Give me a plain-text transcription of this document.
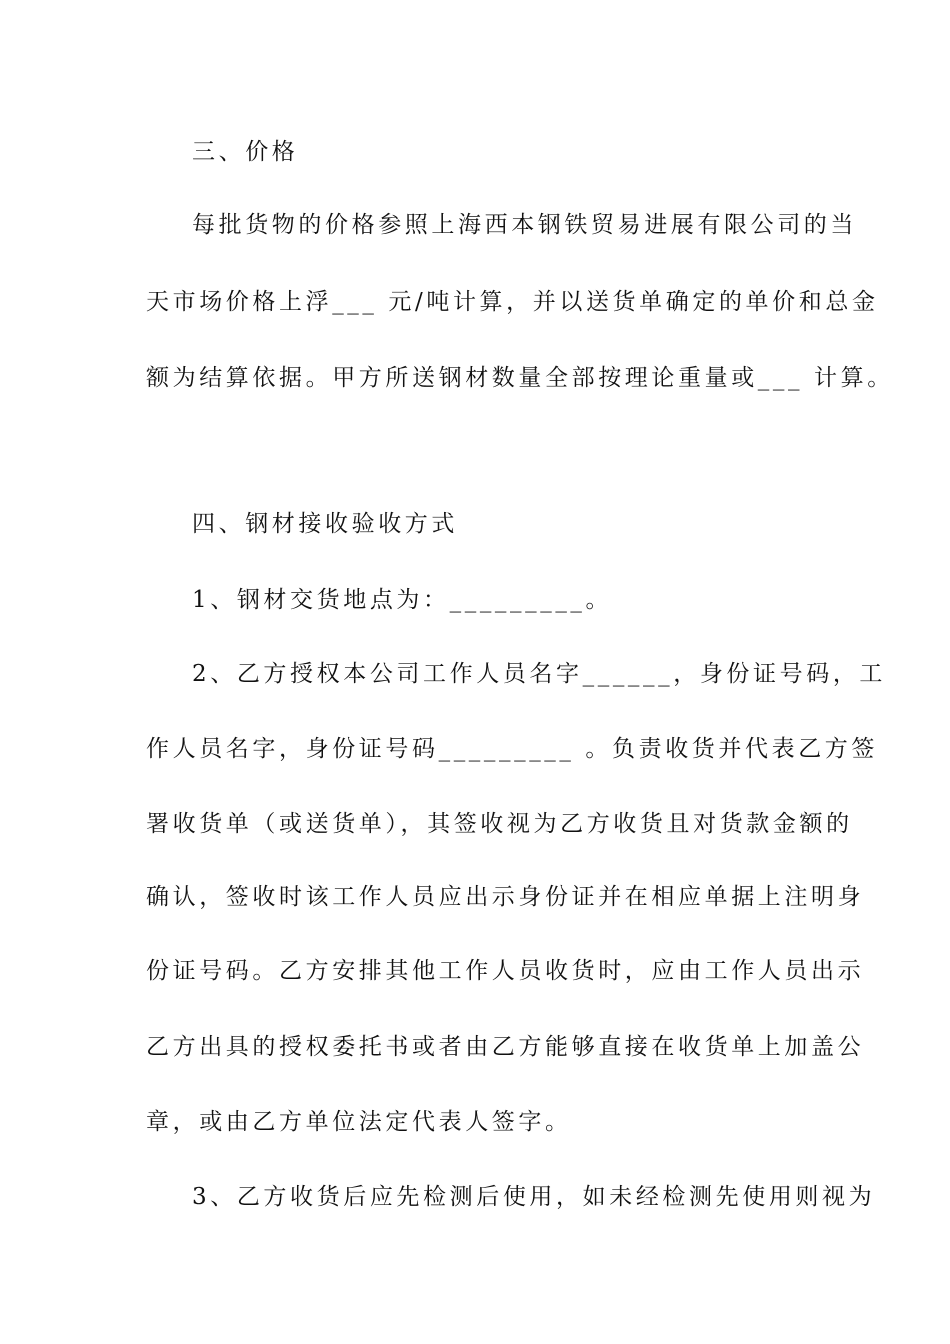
三、价格
每批货物的价格参照上海西本钢铁贸易进展有限公司的当
天市场价格上浮___ 元/吨计算，并以送货单确定的单价和总金
额为结算依据。甲方所送钢材数量全部按理论重量或___ 计算。
四、钢材接收验收方式
1、钢材交货地点为：_________。
2、乙方授权本公司工作人员名字______，身份证号码，工
作人员名字，身份证号码_________ 。负责收货并代表乙方签
署收货单（或送货单），其签收视为乙方收货且对货款金额的
确认，签收时该工作人员应出示身份证并在相应单据上注明身
份证号码。乙方安排其他工作人员收货时，应由工作人员出示
乙方出具的授权委托书或者由乙方能够直接在收货单上加盖公
章，或由乙方单位法定代表人签字。
3、乙方收货后应先检测后使用，如未经检测先使用则视为
